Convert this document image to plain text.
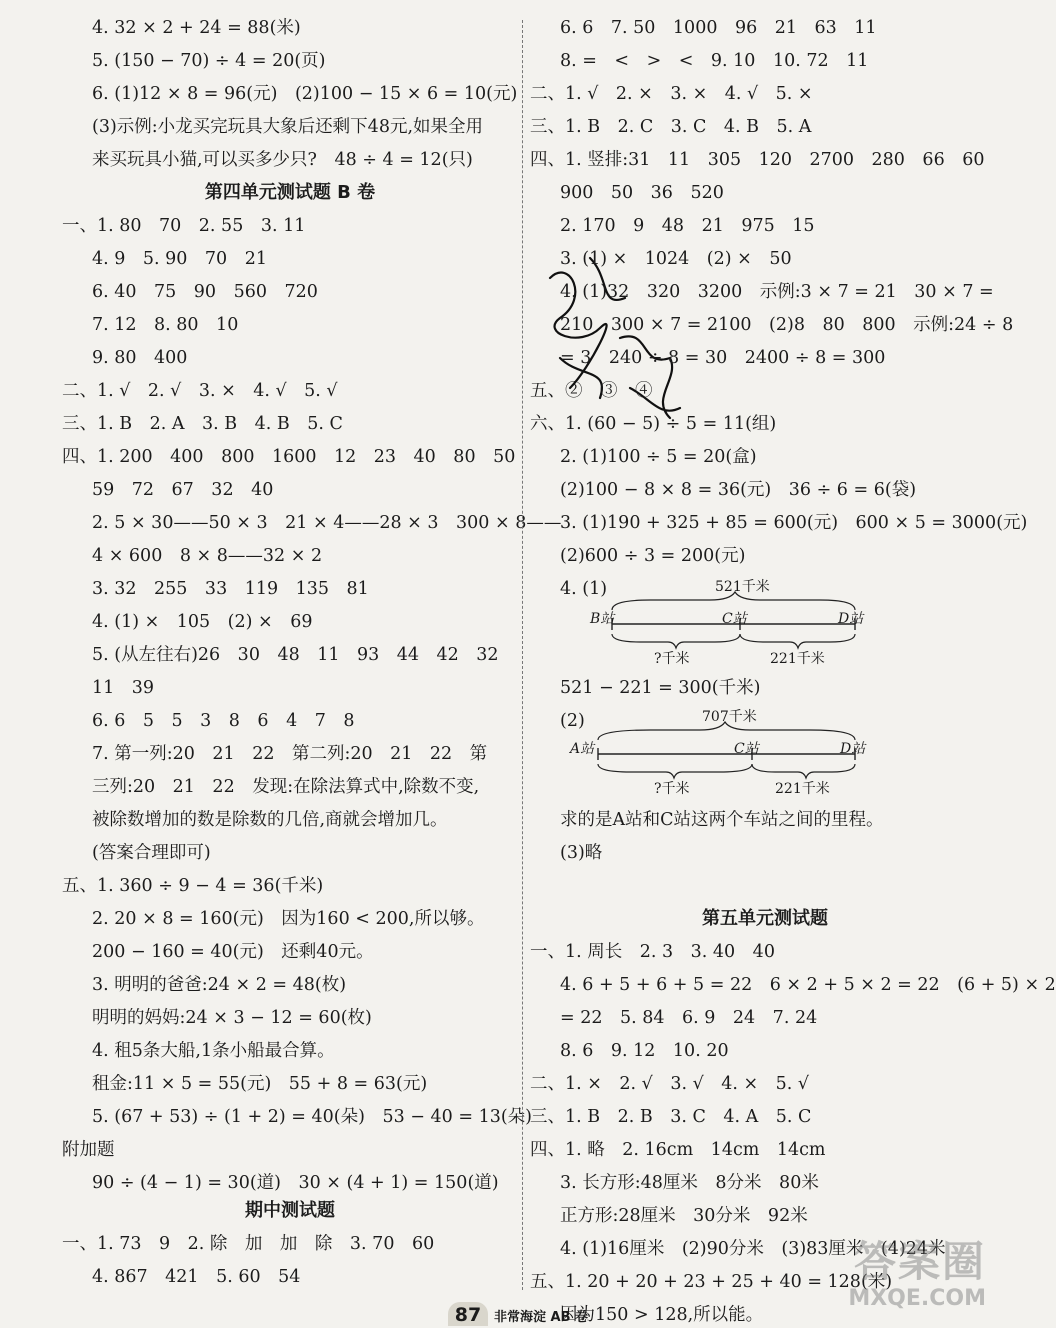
4. 32 × 2 + 24 = 88(米)
5. (150 − 70) ÷ 4 = 20(页)
6. (1)12 × 8 = 96(元)　(2)100 − 15 × 6 = 10(元)
(3)示例:小龙买完玩具大象后还剩下48元,如果全用
来买玩具小猫,可以买多少只?　48 ÷ 4 = 12(只)
一、1. 80　70　2. 55　3. 11
4. 9　5. 90　70　21
6. 40　75　90　560　720
7. 12　8. 80　10
9. 80　400
二、1. √　2. √　3. ×　4. √　5. √
三、1. B　2. A　3. B　4. B　5. C
四、1. 200　400　800　1600　12　23　40　80　50
59　72　67　32　40
2. 5 × 30——50 × 3　21 × 4——28 × 3　300 × 8——
4 × 600　8 × 8——32 × 2
3. 32　255　33　119　135　81
4. (1) ×　105　(2) ×　69
5. (从左往右)26　30　48　11　93　44　42　32
11　39
6. 6　5　5　3　8　6　4　7　8
7. 第一列:20　21　22　第二列:20　21　22　第
三列:20　21　22　发现:在除法算式中,除数不变,
被除数增加的数是除数的几倍,商就会增加几。
(答案合理即可)
五、1. 360 ÷ 9 − 4 = 36(千米)
2. 20 × 8 = 160(元)　因为160 < 200,所以够。
200 − 160 = 40(元)　还剩40元。
3. 明明的爸爸:24 × 2 = 48(枚)
明明的妈妈:24 × 3 − 12 = 60(枚)
4. 租5条大船,1条小船最合算。
租金:11 × 5 = 55(元)　55 + 8 = 63(元)
5. (67 + 53) ÷ (1 + 2) = 40(朵)　53 − 40 = 13(朵)
附加题
90 ÷ (4 − 1) = 30(道)　30 × (4 + 1) = 150(道)
一、1. 73　9　2. 除　加　加　除　3. 70　60
4. 867　421　5. 60　54
第四单元测试题 B 卷
期中测试题
521千米
B站	C站	D站
?千米	221千米
707千米
A站	C站	D站
?千米	221千米
6. 6　7. 50　1000　96　21　63　11
8. =　<　>　<　9. 10　10. 72　11
二、1. √　2. ×　3. ×　4. √　5. ×
三、1. B　2. C　3. C　4. B　5. A
四、1. 竖排:31　11　305　120　2700　280　66　60
900　50　36　520
2. 170　9　48　21　975　15
3. (1) ×　1024　(2) ×　50
4. (1)32　320　3200　示例:3 × 7 = 21　30 × 7 =
210　300 × 7 = 2100　(2)8　80　800　示例:24 ÷ 8
= 3　240 ÷ 8 = 30　2400 ÷ 8 = 300
五、②　③　④
六、1. (60 − 5) ÷ 5 = 11(组)
2. (1)100 ÷ 5 = 20(盒)
(2)100 − 8 × 8 = 36(元)　36 ÷ 6 = 6(袋)
3. (1)190 + 325 + 85 = 600(元)　600 × 5 = 3000(元)
(2)600 ÷ 3 = 200(元)
4. (1)
521 − 221 = 300(千米)
(2)
求的是A站和C站这两个车站之间的里程。
(3)略
一、1. 周长　2. 3　3. 40　40
4. 6 + 5 + 6 + 5 = 22　6 × 2 + 5 × 2 = 22　(6 + 5) × 2
= 22　5. 84　6. 9　24　7. 24
8. 6　9. 12　10. 20
二、1. ×　2. √　3. √　4. ×　5. √
三、1. B　2. B　3. C　4. A　5. C
四、1. 略　2. 16cm　14cm　14cm
3. 长方形:48厘米　8分米　80米
正方形:28厘米　30分米　92米
4. (1)16厘米　(2)90分米　(3)83厘米　(4)24米
五、1. 20 + 20 + 23 + 25 + 40 = 128(米)
因为150 > 128,所以能。
第五单元测试题
87 非常海淀 AB 卷
答案圈
MXQE.COM
